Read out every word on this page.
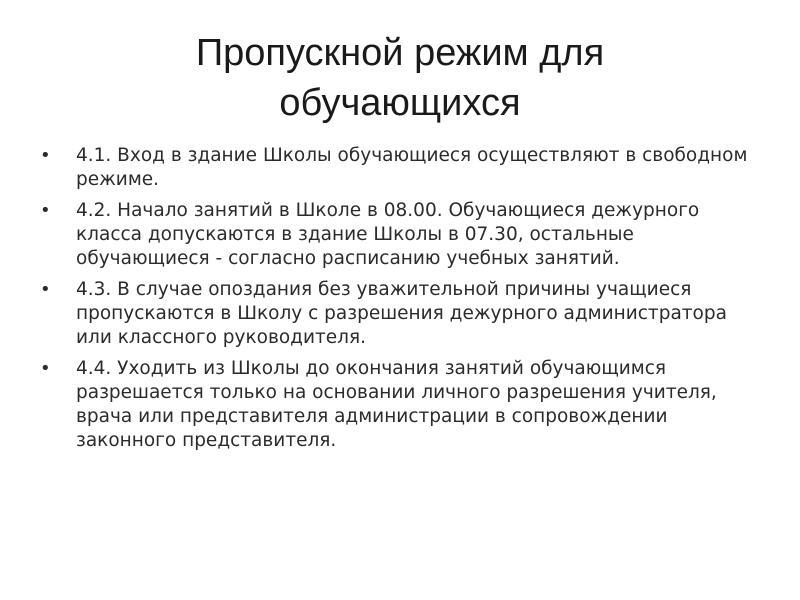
Пропускной режим для обучающихся
• 4.1. Вход в здание Школы обучающиеся осуществляют в свободном режиме.
• 4.2. Начало занятий в Школе в 08.00. Обучающиеся дежурного класса допускаются в здание Школы в 07.30, остальные обучающиеся - согласно расписанию учебных занятий.
• 4.3. В случае опоздания без уважительной причины учащиеся пропускаются в Школу с разрешения дежурного администратора или классного руководителя.
• 4.4. Уходить из Школы до окончания занятий обучающимся разрешается только на основании личного разрешения учителя, врача или представителя администрации в сопровождении законного представителя.
